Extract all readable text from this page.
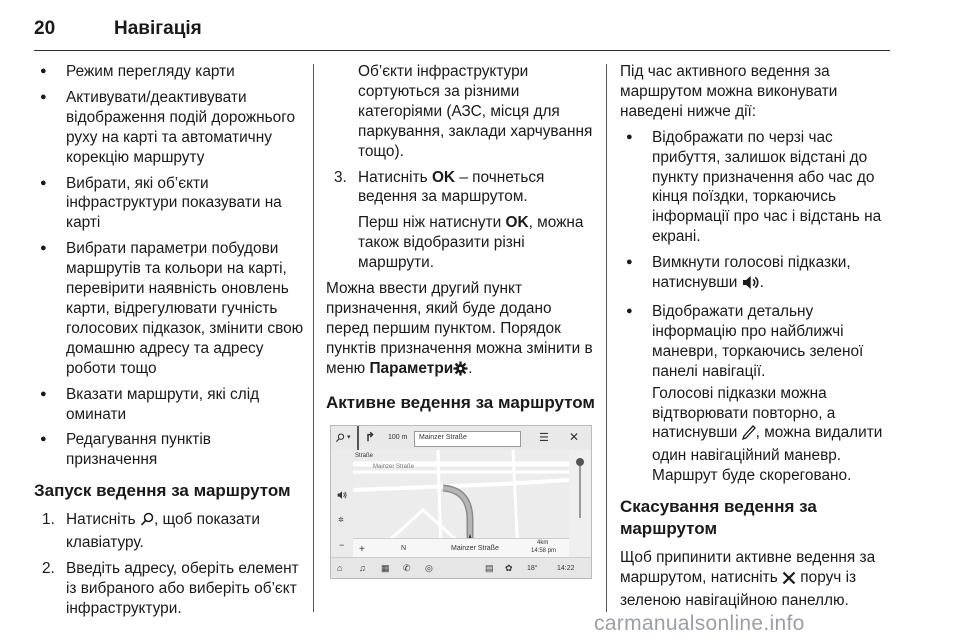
20	Навігація
● Режим перегляду карти
● Активувати/деактивувати відображення подій дорожнього руху на карті та автоматичну корекцію маршруту
● Вибрати, які об’єкти інфраструктури показувати на карті
● Вибрати параметри побудови маршрутів та кольори на карті, перевірити наявність оновлень карти, відрегулювати гучність голосових підказок, змінити свою домашню адресу та адресу роботи тощо
● Вказати маршрути, які слід оминати
● Редагування пунктів призначення
Запуск ведення за маршрутом
1. Натисніть , щоб показати клавіатуру.
2. Введіть адресу, оберіть елемент із вибраного або виберіть об’єкт інфраструктури.
Об’єкти інфраструктури сортуються за різними категоріями (АЗС, місця для паркування, заклади харчування тощо).
3. Натисніть OK – почнеться ведення за маршрутом.
Перш ніж натиснути OK, можна також відобразити різні маршрути.
Можна ввести другий пункт призначення, який буде додано перед першим пунктом. Порядок пунктів призначення можна змінити в меню Параметри .
Активне ведення за маршрутом
▾ ↱ 100 m Mainzer Straße	☰ ✕
✲
−
Straße
Mainzer Straße
+	N	Mainzer Straße
4km
14:58 pm
⌂ ♫ ▦ ✆ ◎	▤ ✿ 18°	14:22
Під час активного ведення за маршрутом можна виконувати наведені нижче дії:
● Відображати по черзі час прибуття, залишок відстані до пункту призначення або час до кінця поїздки, торкаючись інформації про час і відстань на екрані.
● Вимкнути голосові підказки, натиснувши .
● Відображати детальну інформацію про найближчі маневри, торкаючись зеленої панелі навігації.
Голосові підказки можна відтворювати повторно, а натиснувши , можна видалити один навігаційний маневр. Маршрут буде скореговано.
Скасування ведення за маршрутом
Щоб припинити активне ведення за маршрутом, натисніть  поруч із зеленою навігаційною панеллю.
carmanualsonline.info
